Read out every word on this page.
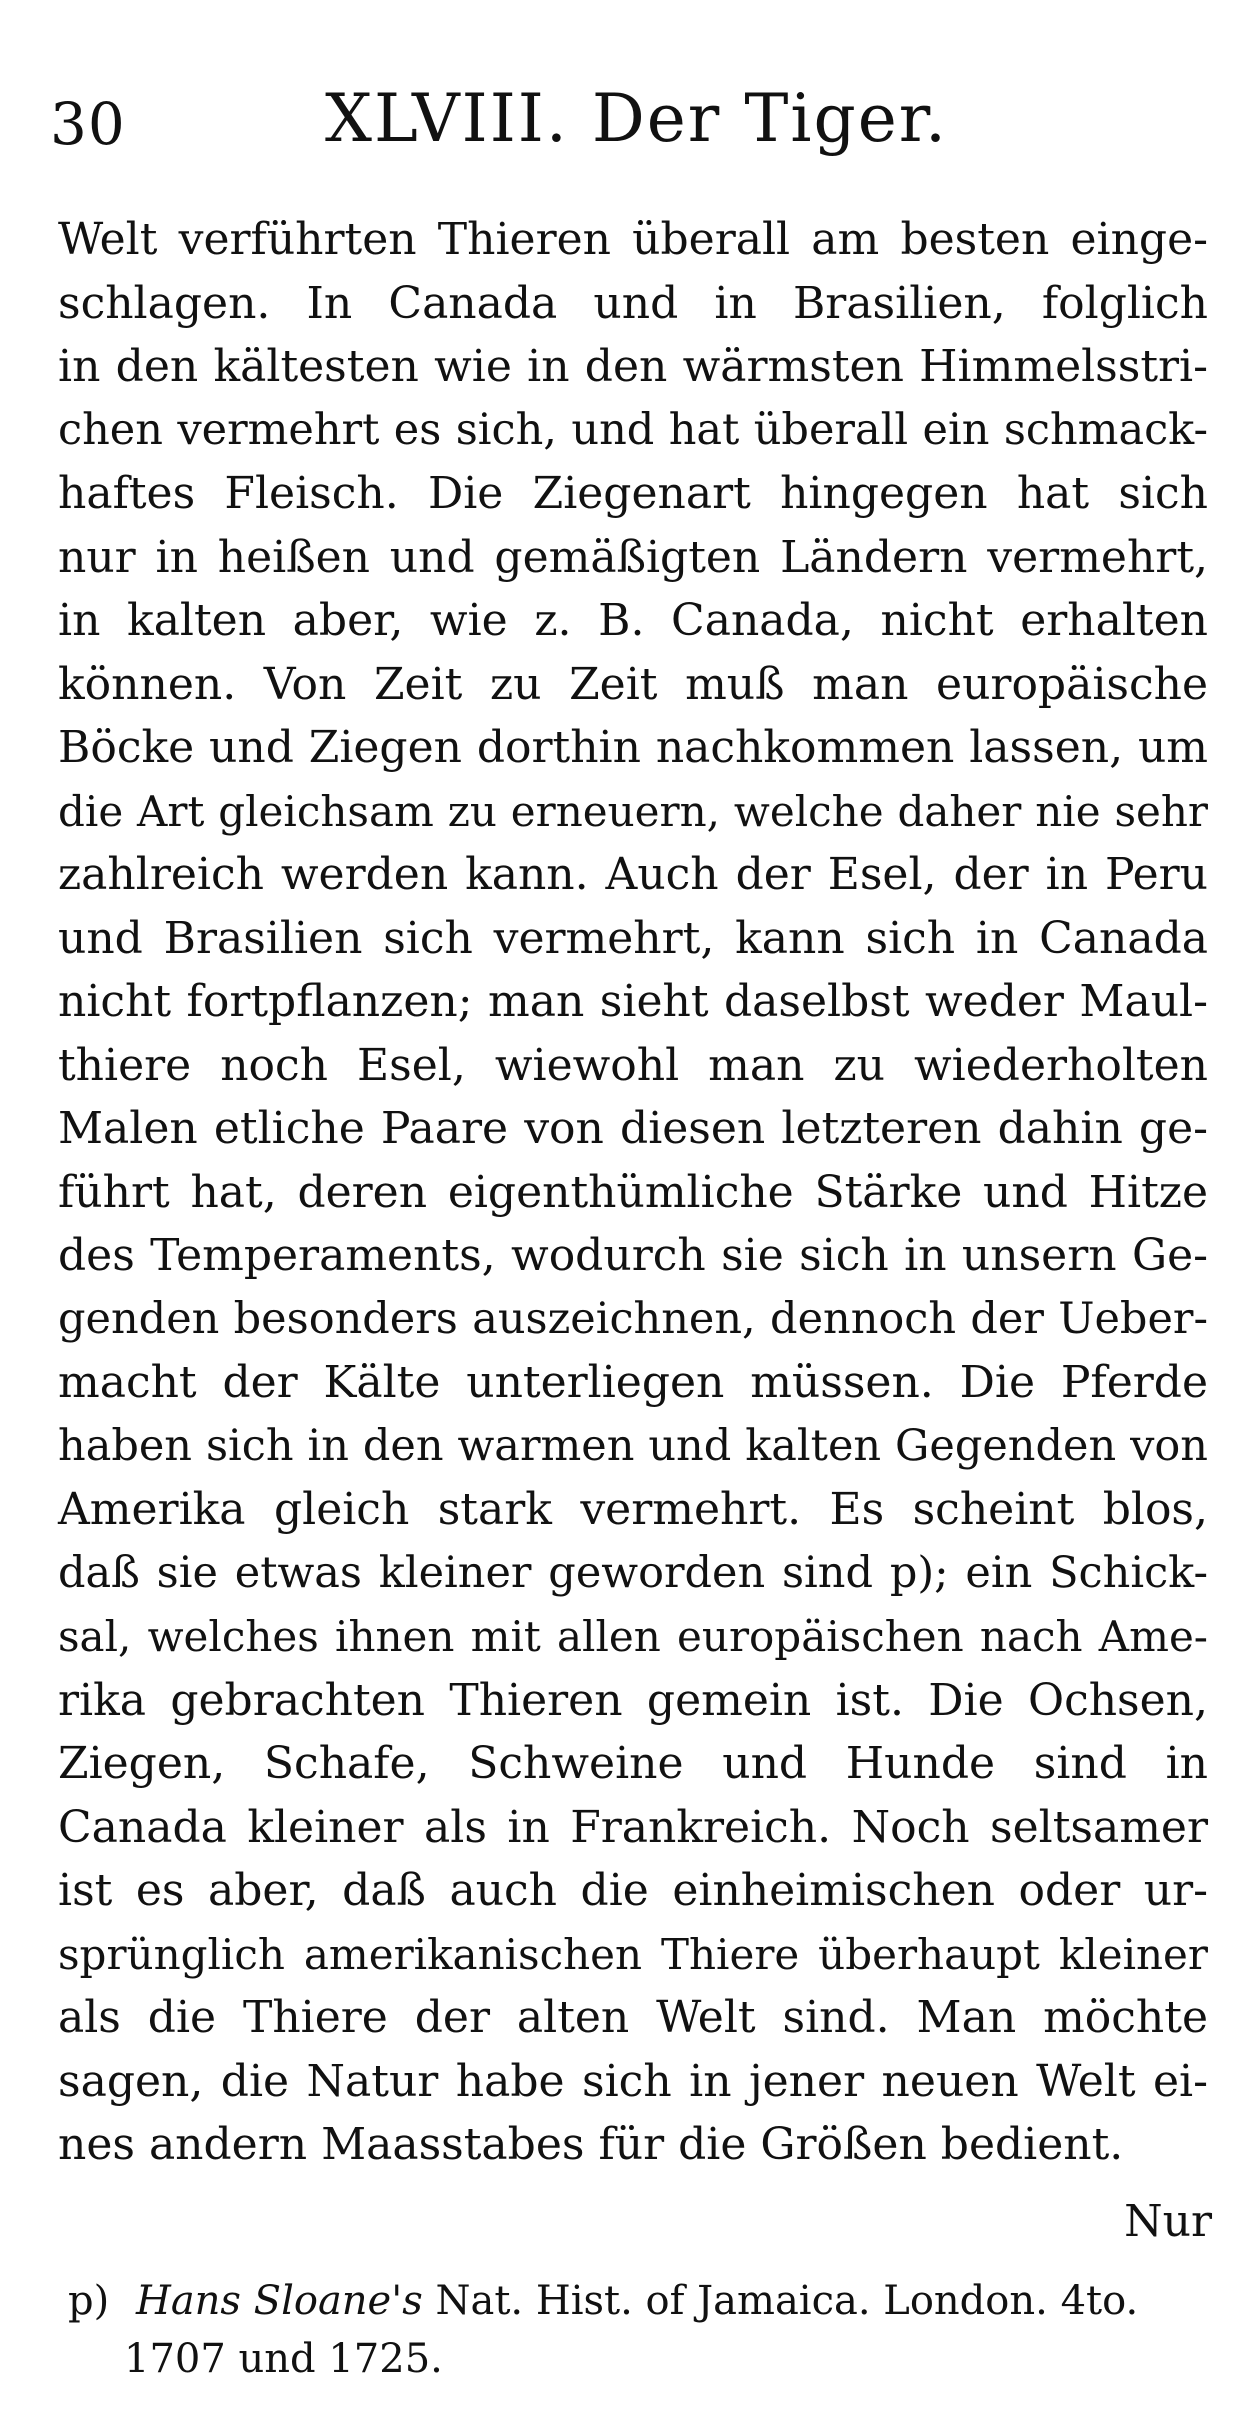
30	XLVIII. Der Tiger.
Welt verführten Thieren überall am besten einge-
schlagen. In Canada und in Brasilien, folglich
in den kältesten wie in den wärmsten Himmelsstri-
chen vermehrt es sich, und hat überall ein schmack-
haftes Fleisch. Die Ziegenart hingegen hat sich
nur in heißen und gemäßigten Ländern vermehrt,
in kalten aber, wie z. B. Canada, nicht erhalten
können. Von Zeit zu Zeit muß man europäische
Böcke und Ziegen dorthin nachkommen lassen, um
die Art gleichsam zu erneuern, welche daher nie sehr
zahlreich werden kann. Auch der Esel, der in Peru
und Brasilien sich vermehrt, kann sich in Canada
nicht fortpflanzen; man sieht daselbst weder Maul-
thiere noch Esel, wiewohl man zu wiederholten
Malen etliche Paare von diesen letzteren dahin ge-
führt hat, deren eigenthümliche Stärke und Hitze
des Temperaments, wodurch sie sich in unsern Ge-
genden besonders auszeichnen, dennoch der Ueber-
macht der Kälte unterliegen müssen. Die Pferde
haben sich in den warmen und kalten Gegenden von
Amerika gleich stark vermehrt. Es scheint blos,
daß sie etwas kleiner geworden sind p); ein Schick-
sal, welches ihnen mit allen europäischen nach Ame-
rika gebrachten Thieren gemein ist. Die Ochsen,
Ziegen, Schafe, Schweine und Hunde sind in
Canada kleiner als in Frankreich. Noch seltsamer
ist es aber, daß auch die einheimischen oder ur-
sprünglich amerikanischen Thiere überhaupt kleiner
als die Thiere der alten Welt sind. Man möchte
sagen, die Natur habe sich in jener neuen Welt ei-
nes andern Maasstabes für die Größen bedient.
Nur
p) Hans Sloane's Nat. Hist. of Jamaica. London. 4to.
1707 und 1725.
